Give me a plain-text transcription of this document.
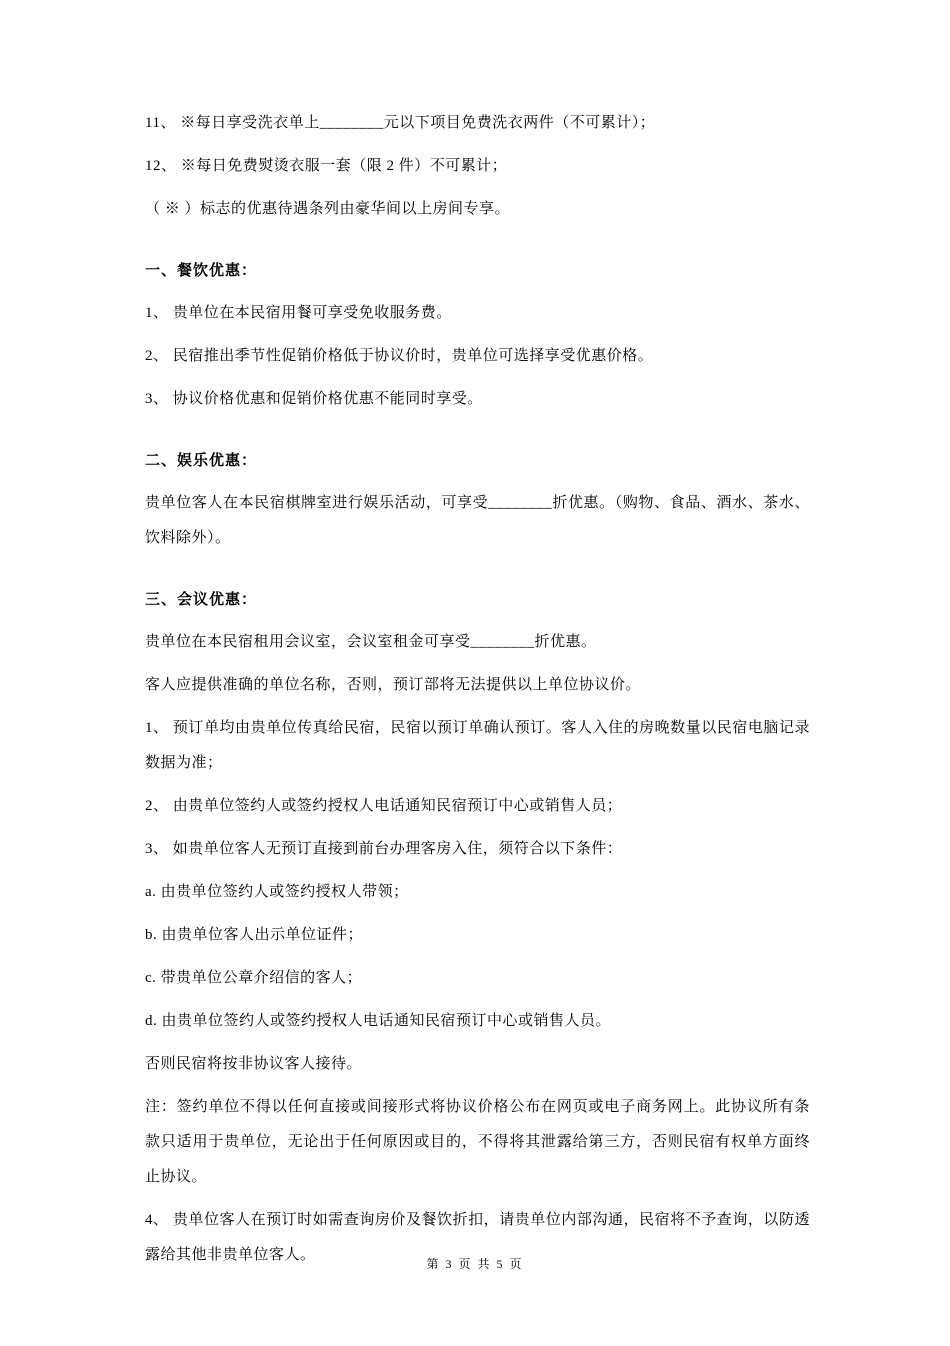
11、 ※每日享受洗衣单上________元以下项目免费洗衣两件（不可累计）；

12、 ※每日免费熨烫衣服一套（限 2 件）不可累计；

（ ※ ）标志的优惠待遇条列由豪华间以上房间专享。

一、餐饮优惠：

1、 贵单位在本民宿用餐可享受免收服务费。

2、 民宿推出季节性促销价格低于协议价时，贵单位可选择享受优惠价格。

3、 协议价格优惠和促销价格优惠不能同时享受。

二、娱乐优惠：

贵单位客人在本民宿棋牌室进行娱乐活动，可享受________折优惠。（购物、食品、酒水、茶水、饮料除外）。

三、会议优惠：

贵单位在本民宿租用会议室，会议室租金可享受________折优惠。

客人应提供准确的单位名称，否则，预订部将无法提供以上单位协议价。

1、 预订单均由贵单位传真给民宿，民宿以预订单确认预订。客人入住的房晚数量以民宿电脑记录数据为准；

2、 由贵单位签约人或签约授权人电话通知民宿预订中心或销售人员；

3、 如贵单位客人无预订直接到前台办理客房入住，须符合以下条件：

a. 由贵单位签约人或签约授权人带领；

b. 由贵单位客人出示单位证件；

c. 带贵单位公章介绍信的客人；

d. 由贵单位签约人或签约授权人电话通知民宿预订中心或销售人员。

否则民宿将按非协议客人接待。

注：签约单位不得以任何直接或间接形式将协议价格公布在网页或电子商务网上。此协议所有条款只适用于贵单位，无论出于任何原因或目的，不得将其泄露给第三方，否则民宿有权单方面终止协议。

4、 贵单位客人在预订时如需查询房价及餐饮折扣，请贵单位内部沟通，民宿将不予查询，以防透露给其他非贵单位客人。

第 3 页 共 5 页
